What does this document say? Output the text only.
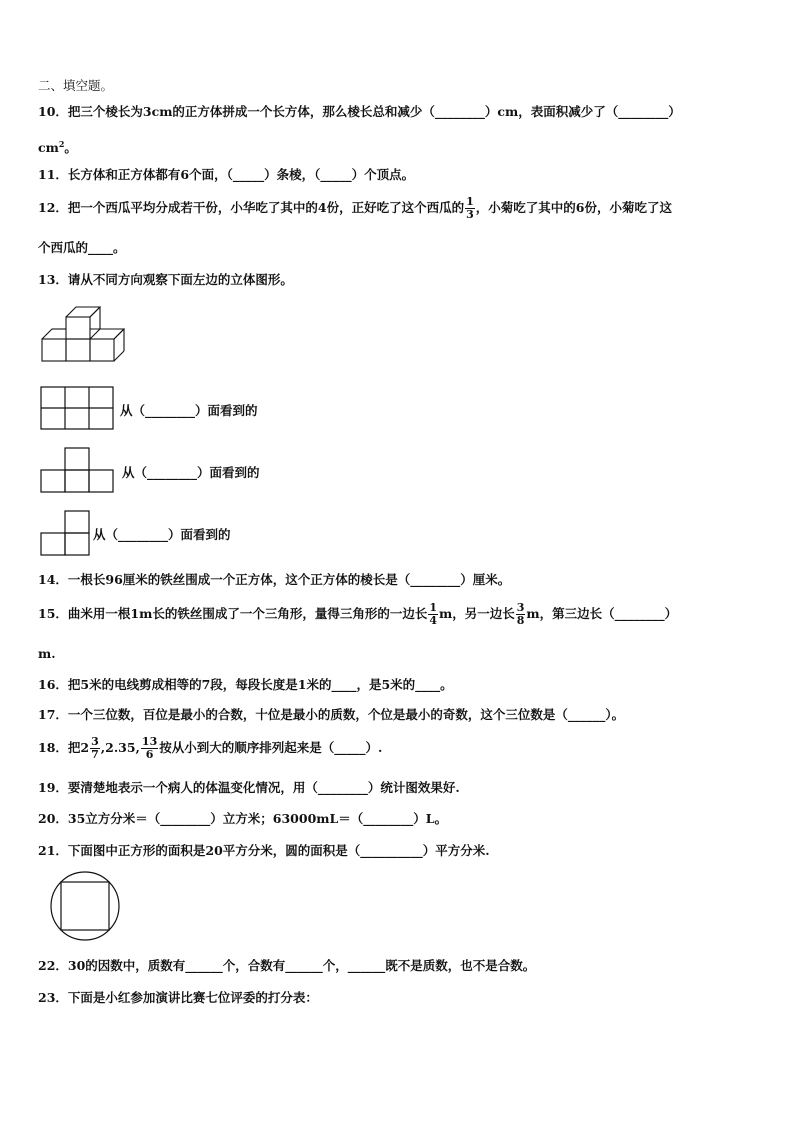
二、填空题。
10．把三个棱长为3cm的正方体拼成一个长方体，那么棱长总和减少（________）cm，表面积减少了（________）
$cm^2$。
11．长方体和正方体都有6个面，（_____）条棱，（_____）个顶点。
12．把一个西瓜平均分成若干份，小华吃了其中的4份，正好吃了这个西瓜的 $\frac{1}{3}$ ，小菊吃了其中的6份，小菊吃了这
个西瓜的____。
13．请从不同方向观察下面左边的立体图形。
从（________）面看到的
从（________）面看到的
从（________）面看到的
14．一根长96厘米的铁丝围成一个正方体，这个正方体的棱长是（________）厘米。
15．曲米用一根1m长的铁丝围成了一个三角形，量得三角形的一边长 $\frac{1}{4}$ m，另一边长 $\frac{3}{8}$ m，第三边长（________）
m.
16．把5米的电线剪成相等的7段，每段长度是1米的____，是5米的____。
17．一个三位数，百位是最小的合数，十位是最小的质数，个位是最小的奇数，这个三位数是（______）。
18．把$2 \frac{3}{7} ,2.35$, $\frac{13}{6}$ 按从小到大的顺序排列起来是（_____）.
19．要清楚地表示一个病人的体温变化情况，用（________）统计图效果好.
20．35立方分米＝（________）立方米；63000mL＝（________）L。
21．下面图中正方形的面积是20平方分米，圆的面积是（__________）平方分米.
22．30的因数中，质数有______个，合数有______个，______既不是质数，也不是合数。
23．下面是小红参加演讲比赛七位评委的打分表：
